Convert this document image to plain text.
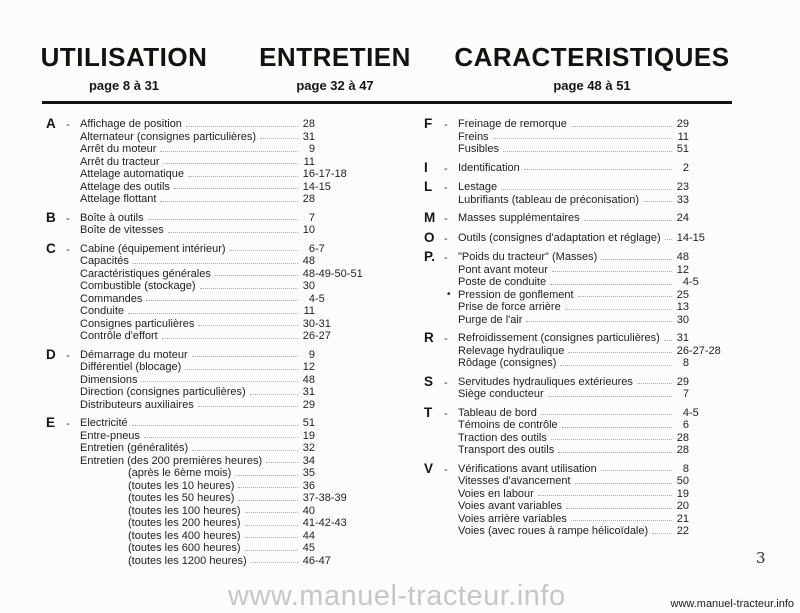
UTILISATION
page 8 à 31
ENTRETIEN
page 32 à 47
CARACTERISTIQUES
page 48 à 51
A - Affichage de position	28
Alternateur (consignes particulières)	31
Arrêt du moteur	9
Arrêt du tracteur	11
Attelage automatique	16-17-18
Attelage des outils	14-15
Attelage flottant	28
B - Boîte à outils	7
Boîte de vitesses	10
C - Cabine (équipement intérieur)	6-7
Capacités	48
Caractéristiques générales	48-49-50-51
Combustible (stockage)	30
Commandes	4-5
Conduite	11
Consignes particulières	30-31
Contrôle d'effort	26-27
D - Démarrage du moteur	9
Différentiel (blocage)	12
Dimensions	48
Direction (consignes particulières)	31
Distributeurs auxiliaires	29
E - Electricité	51
Entre-pneus	19
Entretien (généralités)	32
Entretien (des 200 premières heures)	34
(après le 6ème mois)	35
(toutes les 10 heures)	36
(toutes les 50 heures)	37-38-39
(toutes les 100 heures)	40
(toutes les 200 heures)	41-42-43
(toutes les 400 heures)	44
(toutes les 600 heures)	45
(toutes les 1200 heures)	46-47
F	- Freinage de remorque	29
Freins	11
Fusibles	51
I	- Identification	2
L	- Lestage	23
Lubrifiants (tableau de préconisation)	33
M - Masses supplémentaires	24
O - Outils (consignes d'adaptation et réglage) 14-15
P. - "Poids du tracteur" (Masses)	48
Pont avant moteur	12
Poste de conduite	4-5
• Pression de gonflement	25
Prise de force arrière	13
Purge de l'air	30
R - Refroidissement (consignes particulières) 31
Relevage hydraulique	26-27-28
Rôdage (consignes)	8
S - Servitudes hydrauliques extérieures	29
Siège conducteur	7
T	- Tableau de bord	4-5
Témoins de contrôle	6
Traction des outils	28
Transport des outils	28
V - Vérifications avant utilisation	8
Vitesses d'avancement	50
Voies en labour	19
Voies avant variables	20
Voies arrière variables	21
Voies (avec roues à rampe hélicoïdale)	22
3
www.manuel-tracteur.info	www.manuel-tracteur.info
